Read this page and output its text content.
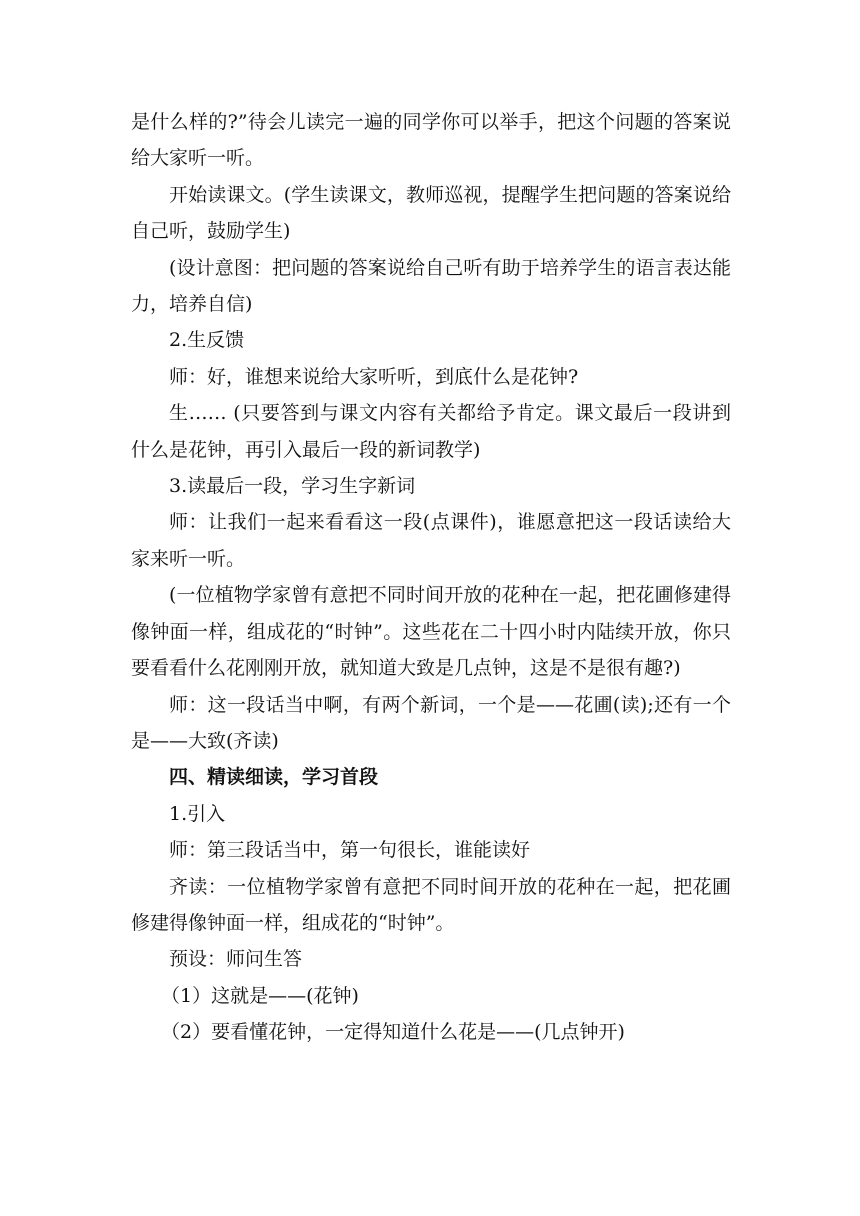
是什么样的?”待会儿读完一遍的同学你可以举手，把这个问题的答案说给大家听一听。

开始读课文。(学生读课文，教师巡视，提醒学生把问题的答案说给自己听，鼓励学生)

(设计意图：把问题的答案说给自己听有助于培养学生的语言表达能力，培养自信)

2.生反馈

师：好，谁想来说给大家听听，到底什么是花钟?

生…… (只要答到与课文内容有关都给予肯定。课文最后一段讲到什么是花钟，再引入最后一段的新词教学)

3.读最后一段，学习生字新词

师：让我们一起来看看这一段(点课件)，谁愿意把这一段话读给大家来听一听。

(一位植物学家曾有意把不同时间开放的花种在一起，把花圃修建得像钟面一样，组成花的“时钟”。这些花在二十四小时内陆续开放，你只要看看什么花刚刚开放，就知道大致是几点钟，这是不是很有趣?)

师：这一段话当中啊，有两个新词，一个是——花圃(读);还有一个是——大致(齐读)

四、精读细读，学习首段

1.引入

师：第三段话当中，第一句很长，谁能读好

齐读：一位植物学家曾有意把不同时间开放的花种在一起，把花圃修建得像钟面一样，组成花的“时钟”。

预设：师问生答

（1）这就是——(花钟)

（2）要看懂花钟，一定得知道什么花是——(几点钟开)
